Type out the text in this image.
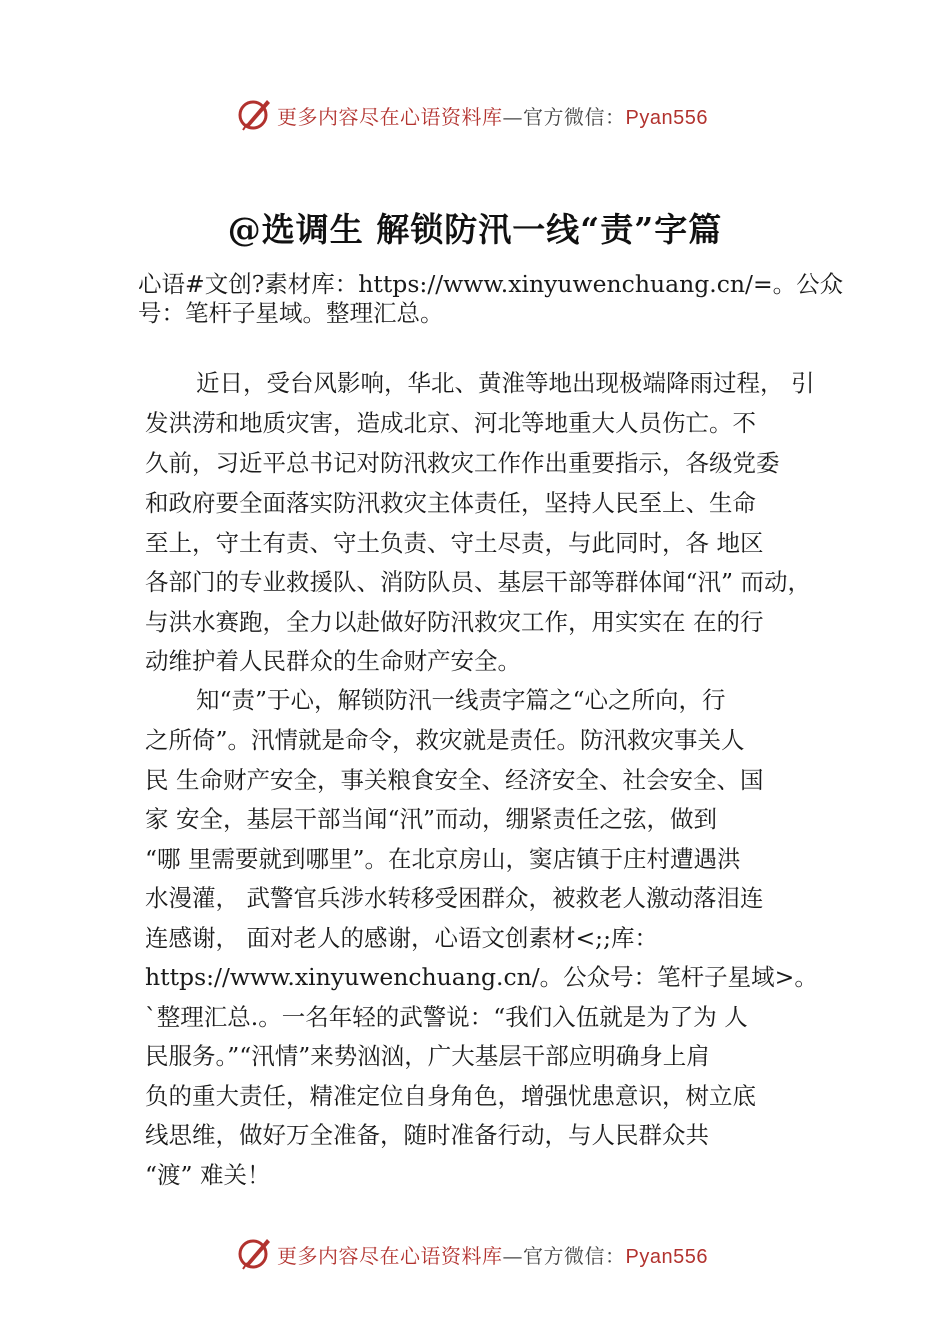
更多内容尽在心语资料库—官方微信：Pyan556
@选调生 解锁防汛一线“责”字篇
心语#文创?素材库：https://www.xinyuwenchuang.cn/=。公众
号：笔杆子星域。整理汇总。
近日，受台风影响，华北、黄淮等地出现极端降雨过程， 引
发洪涝和地质灾害，造成北京、河北等地重大人员伤亡。不
久前，习近平总书记对防汛救灾工作作出重要指示，各级党委
和政府要全面落实防汛救灾主体责任，坚持人民至上、生命
至上，守土有责、守土负责、守土尽责，与此同时，各 地区
各部门的专业救援队、消防队员、基层干部等群体闻“汛” 而动，
与洪水赛跑，全力以赴做好防汛救灾工作，用实实在 在的行
动维护着人民群众的生命财产安全。
知“责”于心，解锁防汛一线责字篇之“心之所向，行
之所倚”。汛情就是命令，救灾就是责任。防汛救灾事关人
民 生命财产安全，事关粮食安全、经济安全、社会安全、国
家 安全，基层干部当闻“汛”而动，绷紧责任之弦，做到
“哪 里需要就到哪里”。在北京房山，窦店镇于庄村遭遇洪
水漫灌， 武警官兵涉水转移受困群众，被救老人激动落泪连
连感谢， 面对老人的感谢，心语文创素材<;;库：
https://www.xinyuwenchuang.cn/。公众号：笔杆子星域>。
`整理汇总.。一名年轻的武警说：“我们入伍就是为了为 人
民服务。”“汛情”来势汹汹，广大基层干部应明确身上肩
负的重大责任，精准定位自身角色，增强忧患意识，树立底
线思维，做好万全准备，随时准备行动，与人民群众共
“渡” 难关！
更多内容尽在心语资料库—官方微信：Pyan556
